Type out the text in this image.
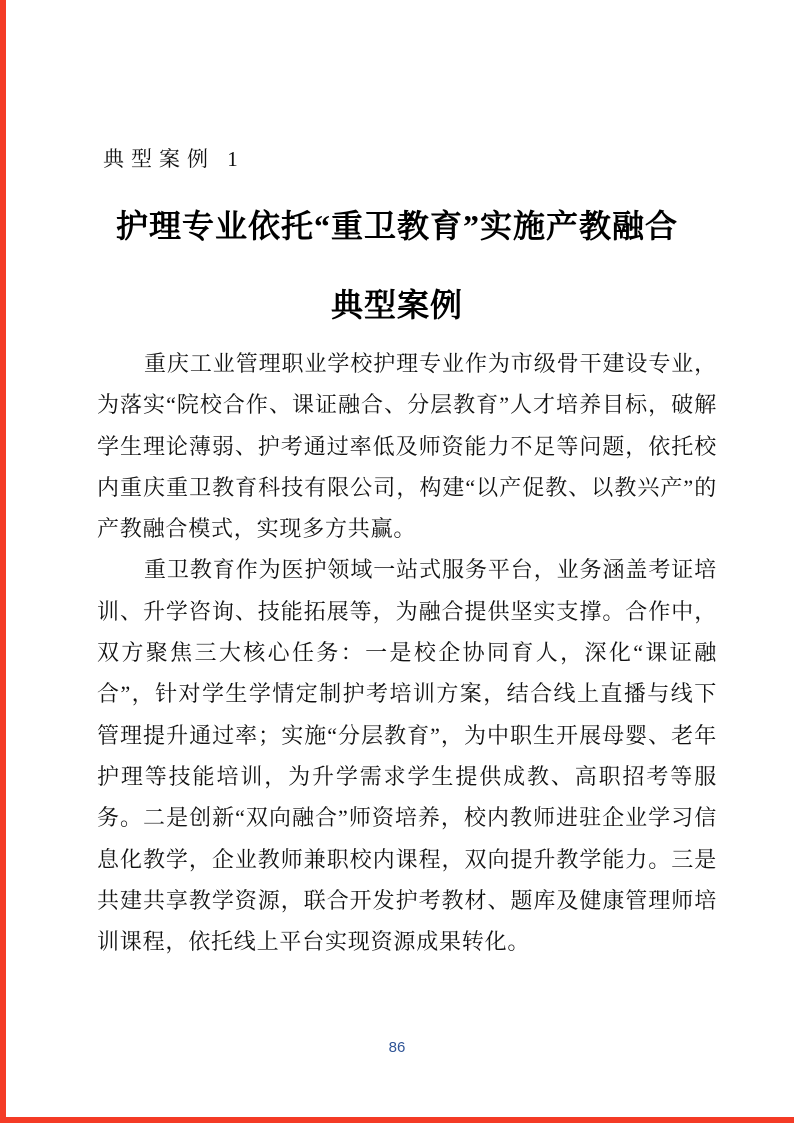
典型案例 1
护理专业依托“重卫教育”实施产教融合
典型案例

重庆工业管理职业学校护理专业作为市级骨干建设专业，为落实“院校合作、课证融合、分层教育”人才培养目标，破解学生理论薄弱、护考通过率低及师资能力不足等问题，依托校内重庆重卫教育科技有限公司，构建“以产促教、以教兴产”的产教融合模式，实现多方共赢。

重卫教育作为医护领域一站式服务平台，业务涵盖考证培训、升学咨询、技能拓展等，为融合提供坚实支撑。合作中，双方聚焦三大核心任务：一是校企协同育人，深化“课证融合”，针对学生学情定制护考培训方案，结合线上直播与线下管理提升通过率；实施“分层教育”，为中职生开展母婴、老年护理等技能培训，为升学需求学生提供成教、高职招考等服务。二是创新“双向融合”师资培养，校内教师进驻企业学习信息化教学，企业教师兼职校内课程，双向提升教学能力。三是共建共享教学资源，联合开发护考教材、题库及健康管理师培训课程，依托线上平台实现资源成果转化。

86
